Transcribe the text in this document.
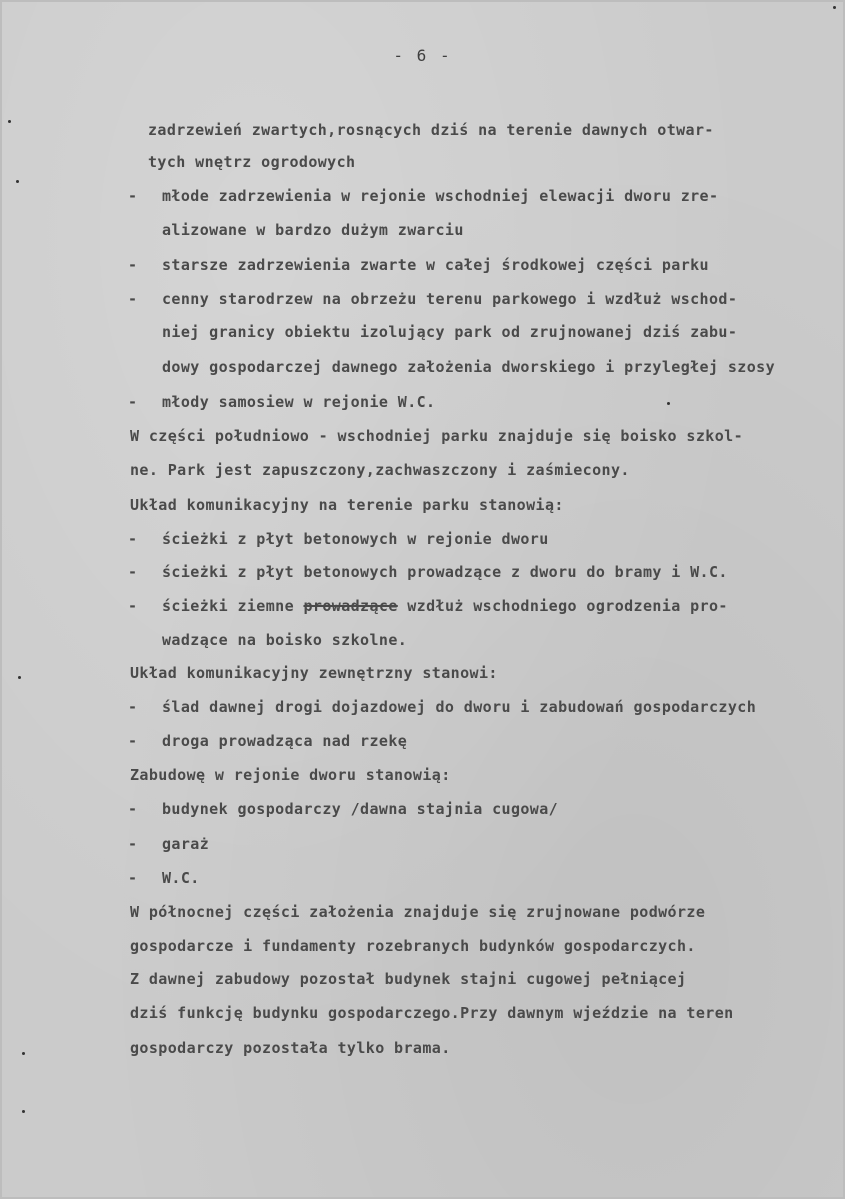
- 6 -
zadrzewień zwartych,rosnących dziś na terenie dawnych otwar-
tych wnętrz ogrodowych
- młode zadrzewienia w rejonie wschodniej elewacji dworu zre-
alizowane w bardzo dużym zwarciu
- starsze zadrzewienia zwarte w całej środkowej części parku
- cenny starodrzew na obrzeżu terenu parkowego i wzdłuż wschod-
niej granicy obiektu izolujący park od zrujnowanej dziś zabu-
dowy gospodarczej dawnego założenia dworskiego i przyległej szosy
- młody samosiew w rejonie W.C.
W części południowo - wschodniej parku znajduje się boisko szkol-
ne. Park jest zapuszczony,zachwaszczony i zaśmiecony.
Układ komunikacyjny na terenie parku stanowią:
- ścieżki z płyt betonowych w rejonie dworu
- ścieżki z płyt betonowych prowadzące z dworu do bramy i W.C.
- ścieżki ziemne prowadzące wzdłuż wschodniego ogrodzenia pro-
wadzące na boisko szkolne.
Układ komunikacyjny zewnętrzny stanowi:
- ślad dawnej drogi dojazdowej do dworu i zabudowań gospodarczych
- droga prowadząca nad rzekę
Zabudowę w rejonie dworu stanowią:
- budynek gospodarczy /dawna stajnia cugowa/
- garaż
- W.C.
W północnej części założenia znajduje się zrujnowane podwórze
gospodarcze i fundamenty rozebranych budynków gospodarczych.
Z dawnej zabudowy pozostał budynek stajni cugowej pełniącej
dziś funkcję budynku gospodarczego.Przy dawnym wjeździe na teren
gospodarczy pozostała tylko brama.
